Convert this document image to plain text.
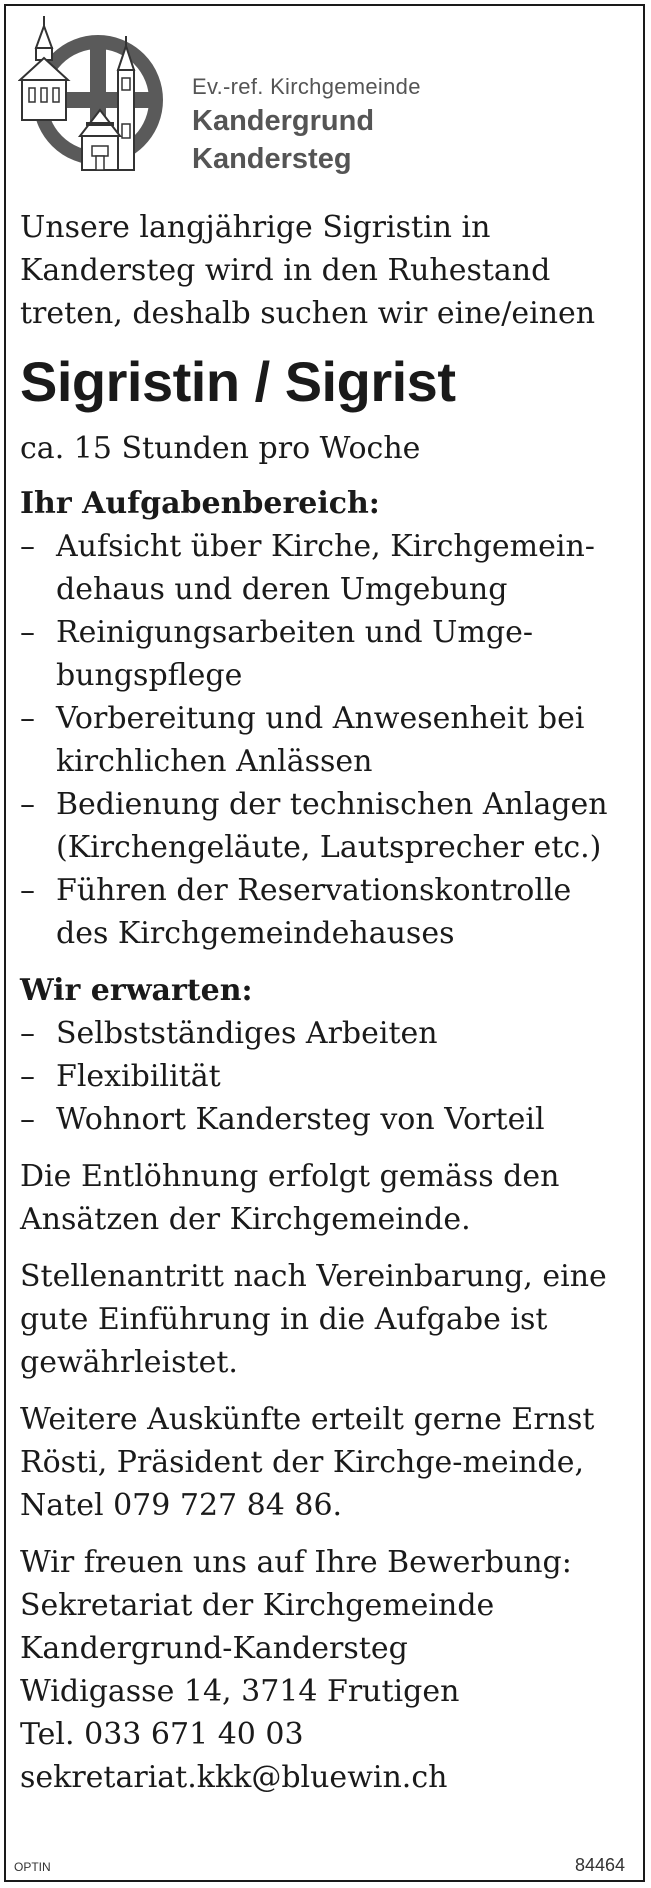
Ev.-ref. Kirchgemeinde
Kandergrund
Kandersteg

Unsere langjährige Sigristin in Kandersteg wird in den Ruhestand treten, deshalb suchen wir eine/einen

Sigristin / Sigrist

ca. 15 Stunden pro Woche

Ihr Aufgabenbereich:

– Aufsicht über Kirche, Kirchgemein-dehaus und deren Umgebung
– Reinigungsarbeiten und Umge-bungspflege
– Vorbereitung und Anwesenheit bei kirchlichen Anlässen
– Bedienung der technischen Anlagen (Kirchengeläute, Lautsprecher etc.)
– Führen der Reservationskontrolle des Kirchgemeindehauses

Wir erwarten:

– Selbstständiges Arbeiten
– Flexibilität
– Wohnort Kandersteg von Vorteil

Die Entlöhnung erfolgt gemäss den Ansätzen der Kirchgemeinde.

Stellenantritt nach Vereinbarung, eine gute Einführung in die Aufgabe ist gewährleistet.

Weitere Auskünfte erteilt gerne Ernst Rösti, Präsident der Kirchge-meinde, Natel 079 727 84 86.

Wir freuen uns auf Ihre Bewerbung:

Sekretariat der Kirchgemeinde

Kandergrund-Kandersteg

Widigasse 14, 3714 Frutigen

Tel. 033 671 40 03

sekretariat.kkk@bluewin.ch

OPTIN	84464
